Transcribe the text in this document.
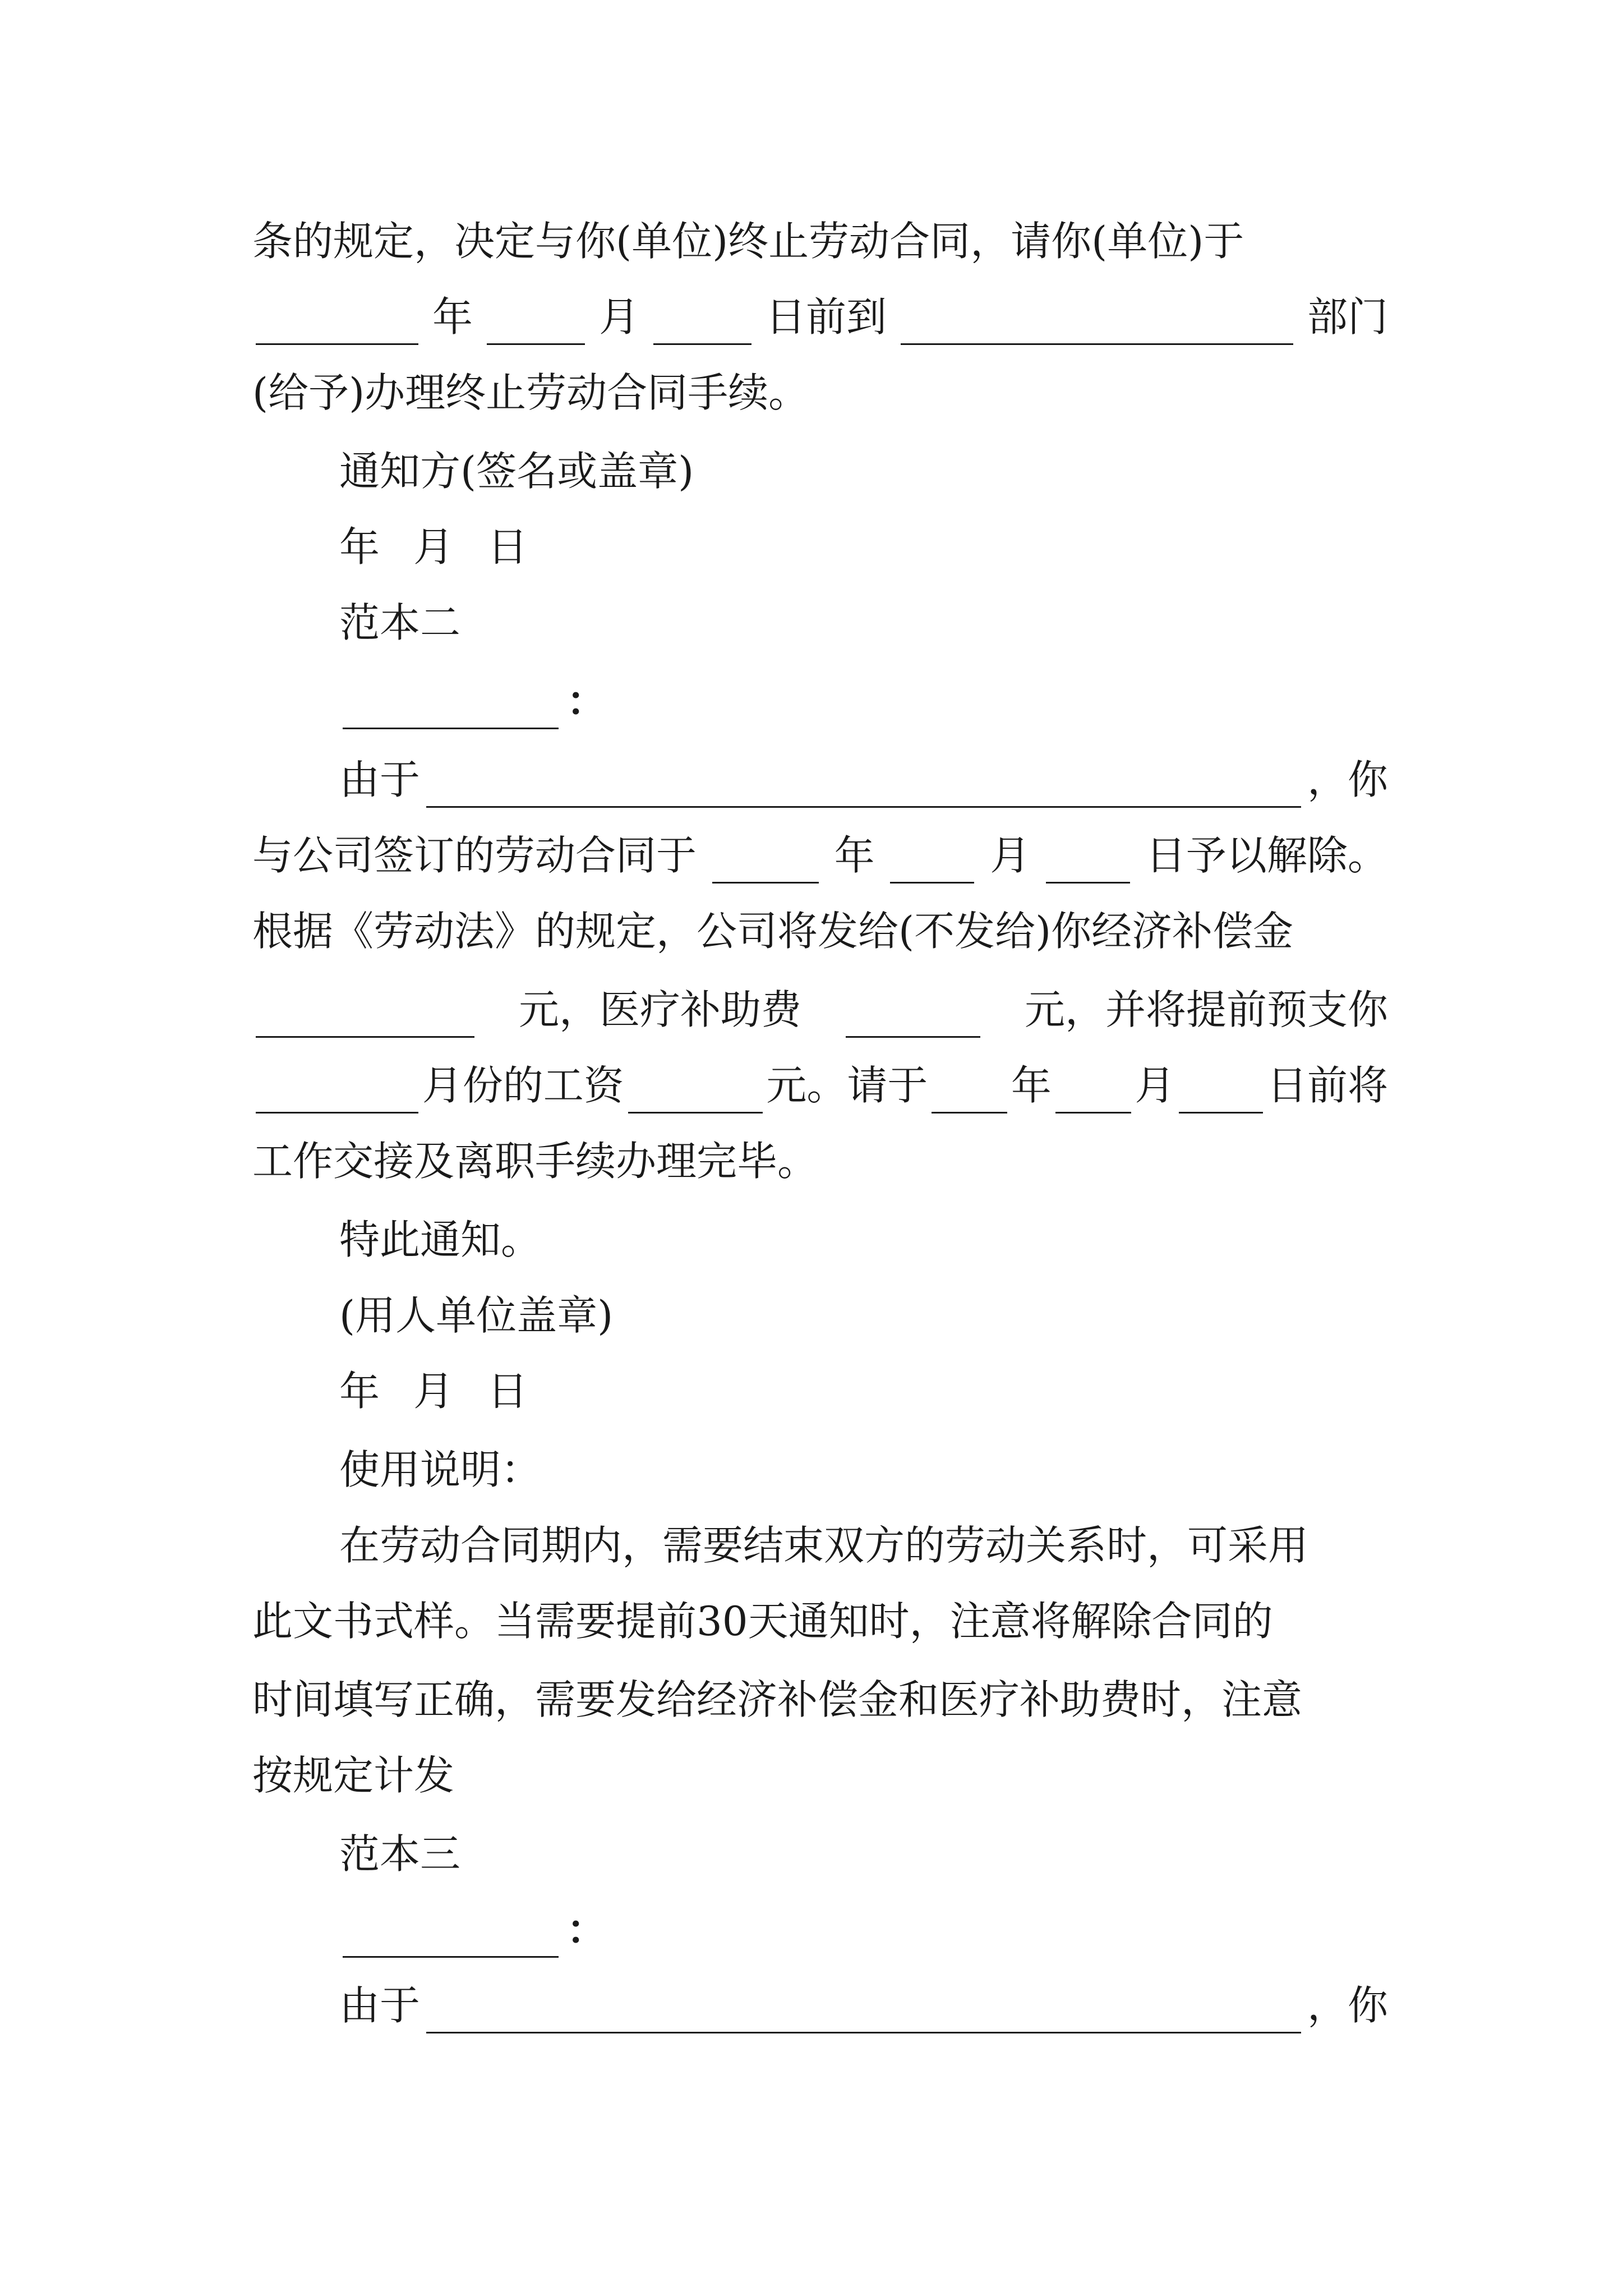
条的规定，决定与你(单位)终止劳动合同，请你(单位)于
年	月	日前到	部门
(给予)办理终止劳动合同手续。
通知方(签名或盖章)
年 月 日
范本二
：
由于	，你
与公司签订的劳动合同于	年	月	日予以解除。
根据《劳动法》的规定，公司将发给(不发给)你经济补偿金
元，医疗补助费	元，并将提前预支你
月份的工资	元。请于 年 月 日前将
工作交接及离职手续办理完毕。
特此通知。
(用人单位盖章)
年 月 日
使用说明：
在劳动合同期内，需要结束双方的劳动关系时，可采用
此文书式样。当需要提前30天通知时，注意将解除合同的
时间填写正确，需要发给经济补偿金和医疗补助费时，注意
按规定计发
范本三
：
由于	，你
